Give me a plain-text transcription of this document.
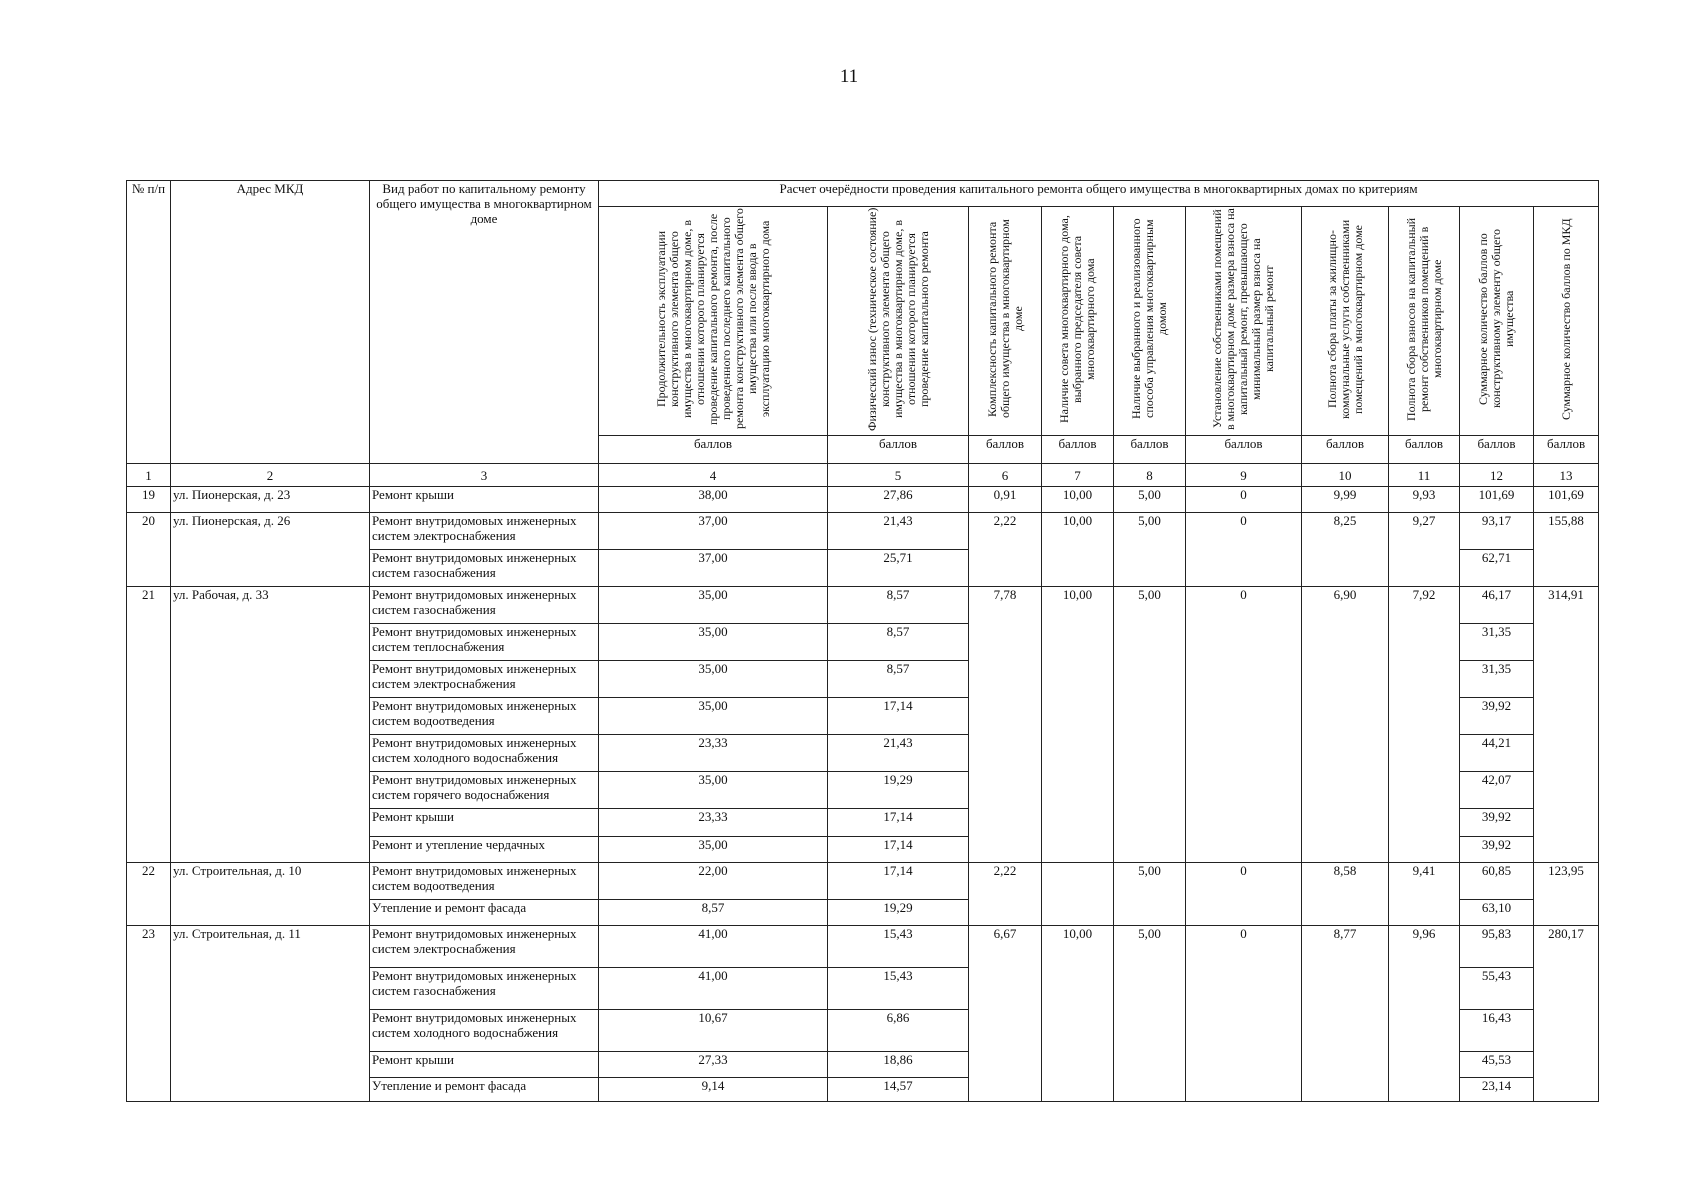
11
№ п/п	Адрес МКД	Вид работ по капитальному ремонту общего имущества в многоквартирном доме	Расчет очерёдности проведения капитального ремонта общего имущества в многоквартирных домах по критериям									

			Продолжительность эксплуатации конструктивного элемента общего имущества в многоквартирном доме, в отношении которого планируется проведение капитального ремонта, после проведенного последнего капитального ремонта конструктивного элемента общего имущества или после ввода в эксплуатацию многоквартирного дома	Физический износ (техническое состояние) конструктивного элемента общего имущества в многоквартирном доме, в отношении которого планируется проведение капитального ремонта	Комплексность капитального ремонта общего имущества в многоквартирном доме	Наличие совета многоквартирного дома, выбранного председателя совета многоквартирного дома	Наличие выбранного и реализованного способа управления многоквартирным домом	Установление собственниками помещений в многоквартирном доме размера взноса на капитальный ремонт, превышающего минимальный размер взноса на капитальный ремонт	Полнота сбора платы за жилищно-коммунальные услуги собственниками помещений в многоквартирном доме	Полнота сбора взносов на капитальный ремонт собственников помещений в многоквартирном доме	Суммарное количество баллов по конструктивному элементу общего имущества	Суммарное количество баллов по МКД

			баллов	баллов	баллов	баллов	баллов	баллов	баллов	баллов	баллов	баллов
1	2	3	4	5	6	7	8	9	10	11	12	13
19	ул. Пионерская, д. 23	Ремонт крыши	38,00	27,86	0,91	10,00	5,00	0	9,99	9,93	101,69	101,69
20	ул. Пионерская, д. 26	Ремонт внутридомовых инженерных систем электроснабжения	37,00	21,43	2,22	10,00	5,00	0	8,25	9,27	93,17	155,88
		Ремонт внутридомовых инженерных систем газоснабжения	37,00	25,71							62,71	
21	ул. Рабочая, д. 33	Ремонт внутридомовых инженерных систем газоснабжения	35,00	8,57	7,78	10,00	5,00	0	6,90	7,92	46,17	314,91
		Ремонт внутридомовых инженерных систем теплоснабжения	35,00	8,57							31,35	
		Ремонт внутридомовых инженерных систем электроснабжения	35,00	8,57							31,35	
		Ремонт внутридомовых инженерных систем водоотведения	35,00	17,14							39,92	
		Ремонт внутридомовых инженерных систем холодного водоснабжения	23,33	21,43							44,21	
		Ремонт внутридомовых инженерных систем горячего водоснабжения	35,00	19,29							42,07	
		Ремонт крыши	23,33	17,14							39,92	
		Ремонт и утепление чердачных	35,00	17,14							39,92	
22	ул. Строительная, д. 10	Ремонт внутридомовых инженерных систем водоотведения	22,00	17,14	2,22		5,00	0	8,58	9,41	60,85	123,95
		Утепление и ремонт фасада	8,57	19,29							63,10	
23	ул. Строительная, д. 11	Ремонт внутридомовых инженерных систем электроснабжения	41,00	15,43	6,67	10,00	5,00	0	8,77	9,96	95,83	280,17
		Ремонт внутридомовых инженерных систем газоснабжения	41,00	15,43							55,43	
		Ремонт внутридомовых инженерных систем холодного водоснабжения	10,67	6,86							16,43	
		Ремонт крыши	27,33	18,86							45,53	
		Утепление и ремонт фасада	9,14	14,57							23,14	
